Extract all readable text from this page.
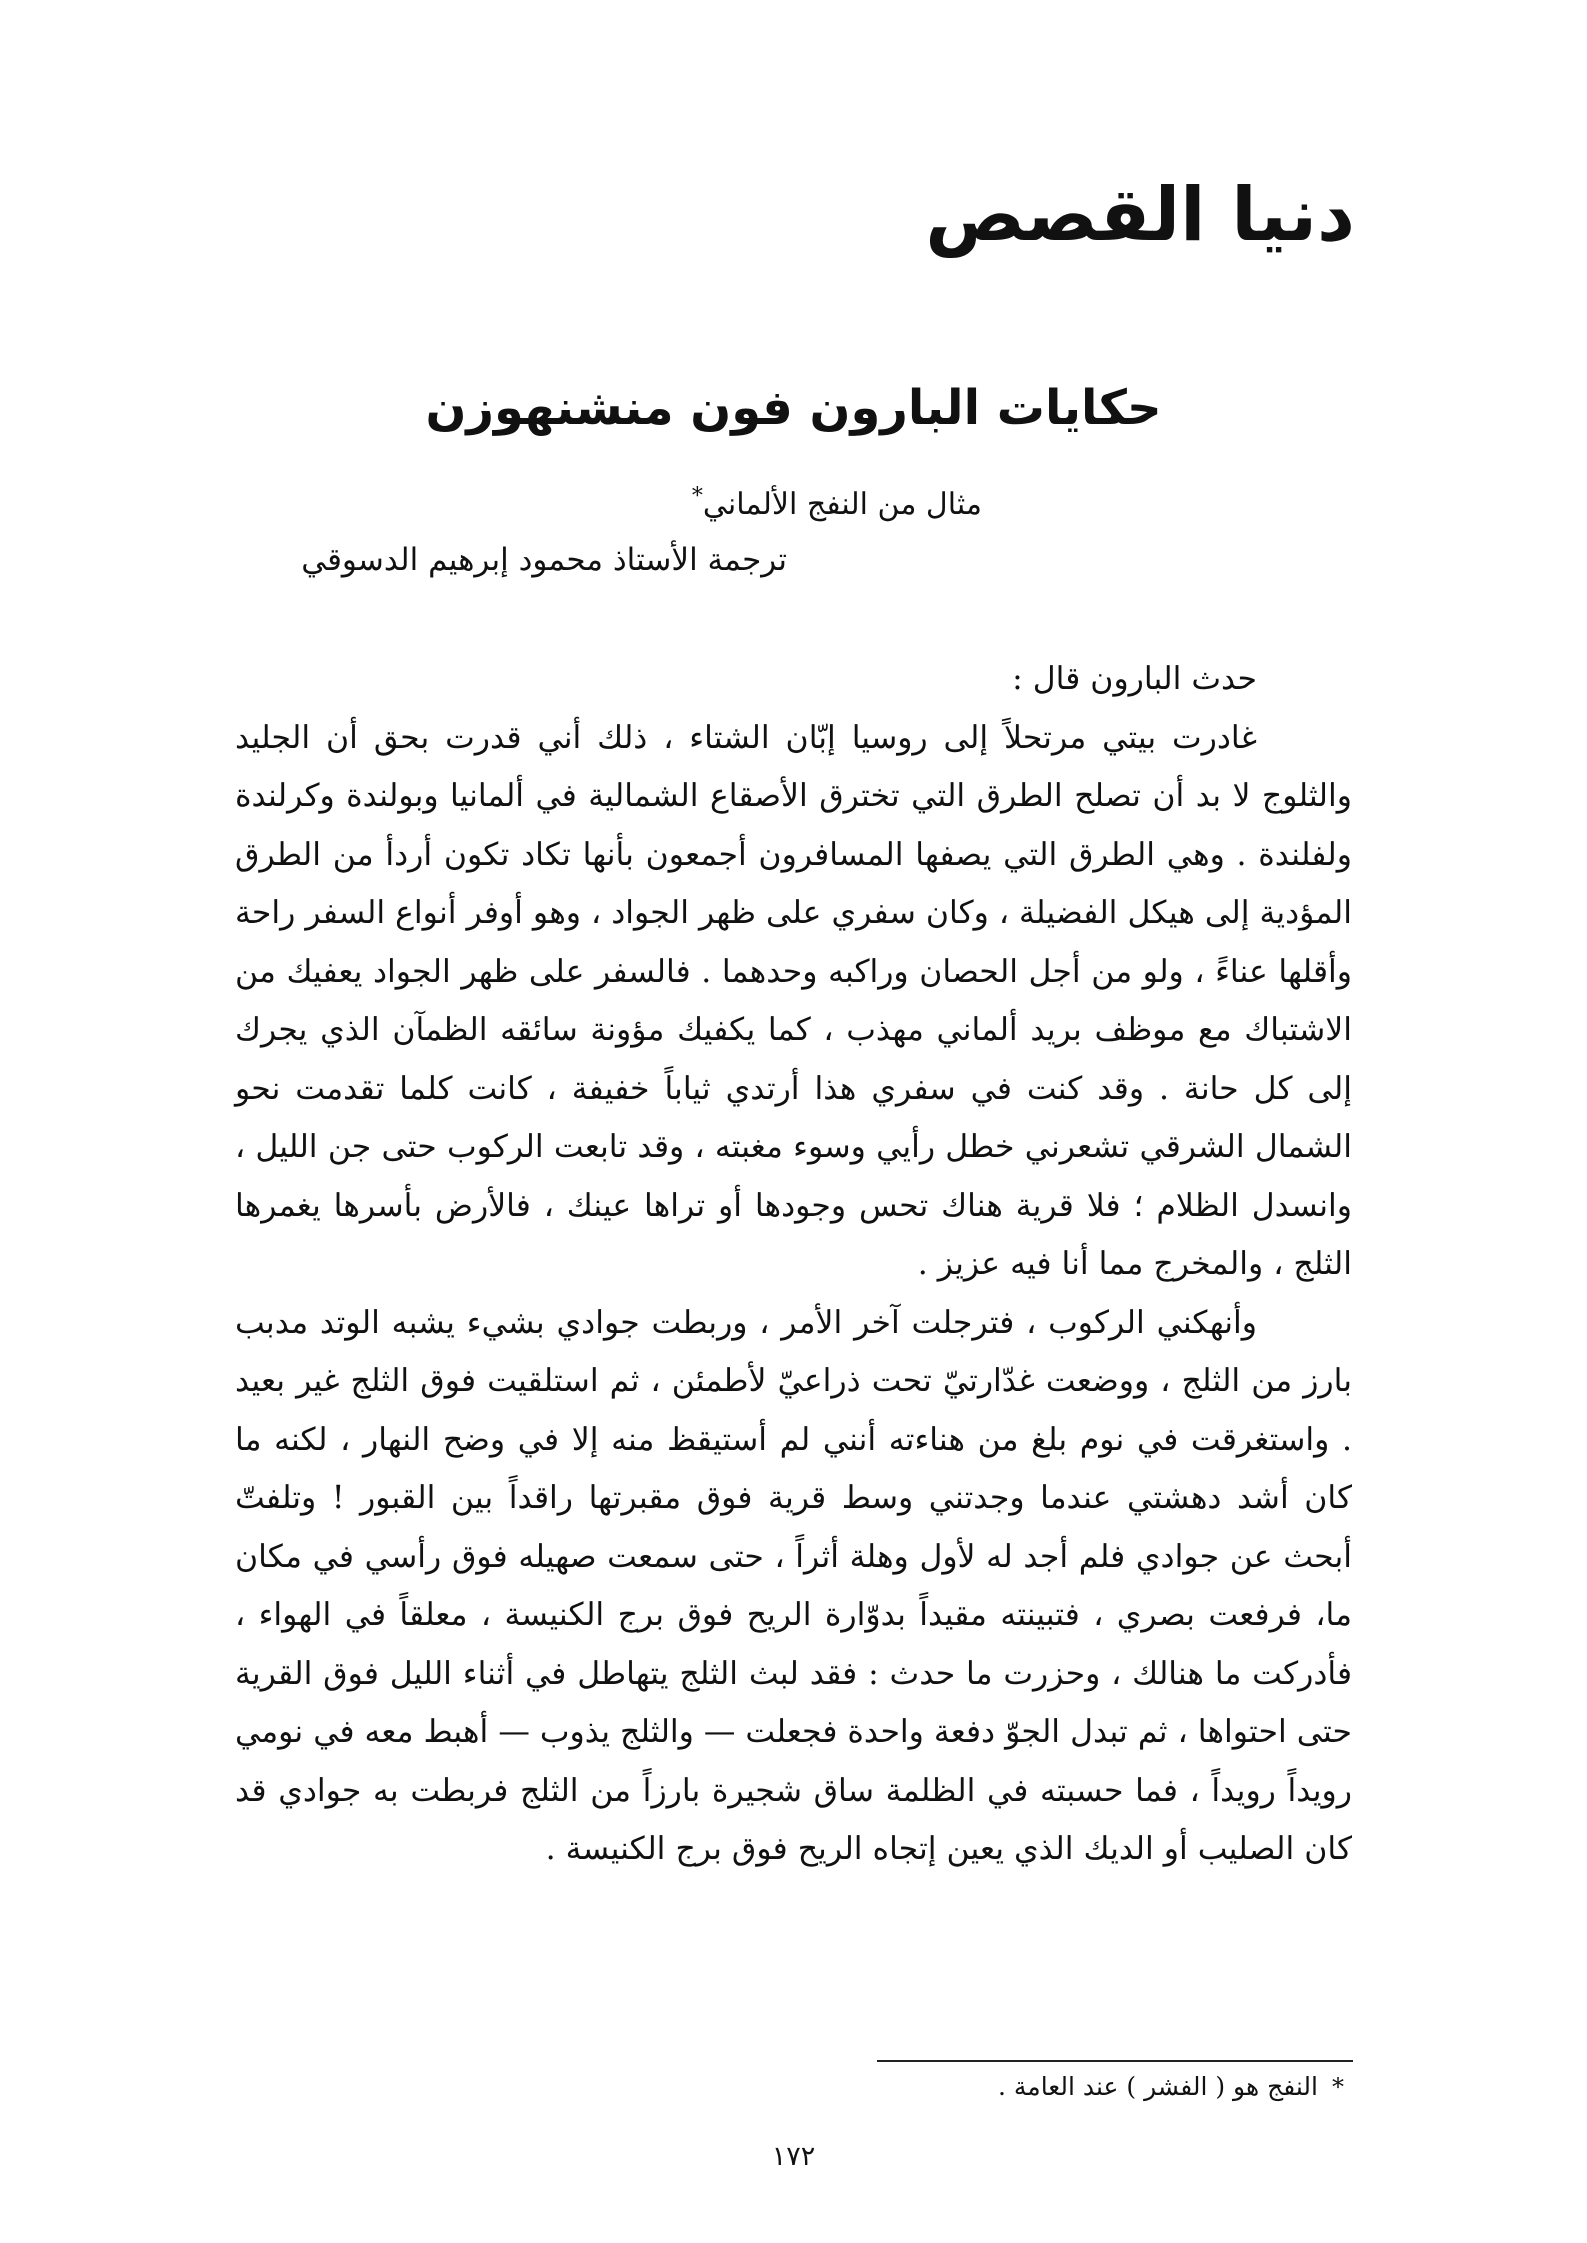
دنيا القصص
حكايات البارون فون منشنهوزن
مثال من النفج الألماني*
ترجمة الأستاذ محمود إبرهيم الدسوقي

حدث البارون قال :

غادرت بيتي مرتحلاً إلى روسيا إبّان الشتاء ، ذلك أني قدرت بحق أن الجليد والثلوج لا بد أن تصلح الطرق التي تخترق الأصقاع الشمالية في ألمانيا وبولندة وكرلندة ولفلندة . وهي الطرق التي يصفها المسافرون أجمعون بأنها تكاد تكون أردأ من الطرق المؤدية إلى هيكل الفضيلة ، وكان سفري على ظهر الجواد ، وهو أوفر أنواع السفر راحة وأقلها عناءً ، ولو من أجل الحصان وراكبه وحدهما . فالسفر على ظهر الجواد يعفيك من الاشتباك مع موظف بريد ألماني مهذب ، كما يكفيك مؤونة سائقه الظمآن الذي يجرك إلى كل حانة . وقد كنت في سفري هذا أرتدي ثياباً خفيفة ، كانت كلما تقدمت نحو الشمال الشرقي تشعرني خطل رأيي وسوء مغبته ، وقد تابعت الركوب حتى جن الليل ، وانسدل الظلام ؛ فلا قرية هناك تحس وجودها أو تراها عينك ، فالأرض بأسرها يغمرها الثلج ، والمخرج مما أنا فيه عزيز .

وأنهكني الركوب ، فترجلت آخر الأمر ، وربطت جوادي بشيء يشبه الوتد مدبب بارز من الثلج ، ووضعت غدّارتيّ تحت ذراعيّ لأطمئن ، ثم استلقيت فوق الثلج غير بعيد . واستغرقت في نوم بلغ من هناءته أنني لم أستيقظ منه إلا في وضح النهار ، لكنه ما كان أشد دهشتي عندما وجدتني وسط قرية فوق مقبرتها راقداً بين القبور ! وتلفتّ أبحث عن جوادي فلم أجد له لأول وهلة أثراً ، حتى سمعت صهيله فوق رأسي في مكان ما، فرفعت بصري ، فتبينته مقيداً بدوّارة الريح فوق برج الكنيسة ، معلقاً في الهواء ، فأدركت ما هنالك ، وحزرت ما حدث : فقد لبث الثلج يتهاطل في أثناء الليل فوق القرية حتى احتواها ، ثم تبدل الجوّ دفعة واحدة فجعلت — والثلج يذوب — أهبط معه في نومي رويداً رويداً ، فما حسبته في الظلمة ساق شجيرة بارزاً من الثلج فربطت به جوادي قد كان الصليب أو الديك الذي يعين إتجاه الريح فوق برج الكنيسة .

*النفج هو ( الفشر ) عند العامة .
١٧٢
